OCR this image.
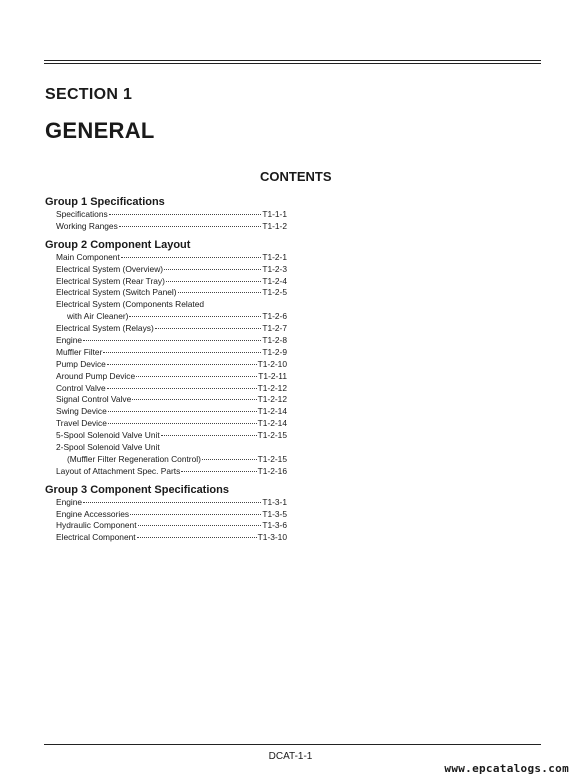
SECTION 1
GENERAL
CONTENTS
Group 1 Specifications
Specifications	T1-1-1
Working Ranges	T1-1-2
Group 2 Component Layout
Main Component	T1-2-1
Electrical System (Overview)	T1-2-3
Electrical System (Rear Tray)	T1-2-4
Electrical System (Switch Panel)	T1-2-5
Electrical System (Components Related
with Air Cleaner)	T1-2-6
Electrical System (Relays)	T1-2-7
Engine	T1-2-8
Muffler Filter	T1-2-9
Pump Device	T1-2-10
Around Pump Device	T1-2-11
Control Valve	T1-2-12
Signal Control Valve	T1-2-12
Swing Device	T1-2-14
Travel Device	T1-2-14
5-Spool Solenoid Valve Unit	T1-2-15
2-Spool Solenoid Valve Unit
(Muffler Filter Regeneration Control)	T1-2-15
Layout of Attachment Spec. Parts	T1-2-16
Group 3 Component Specifications
Engine	T1-3-1
Engine Accessories	T1-3-5
Hydraulic Component	T1-3-6
Electrical Component	T1-3-10
DCAT-1-1
www.epcatalogs.com
